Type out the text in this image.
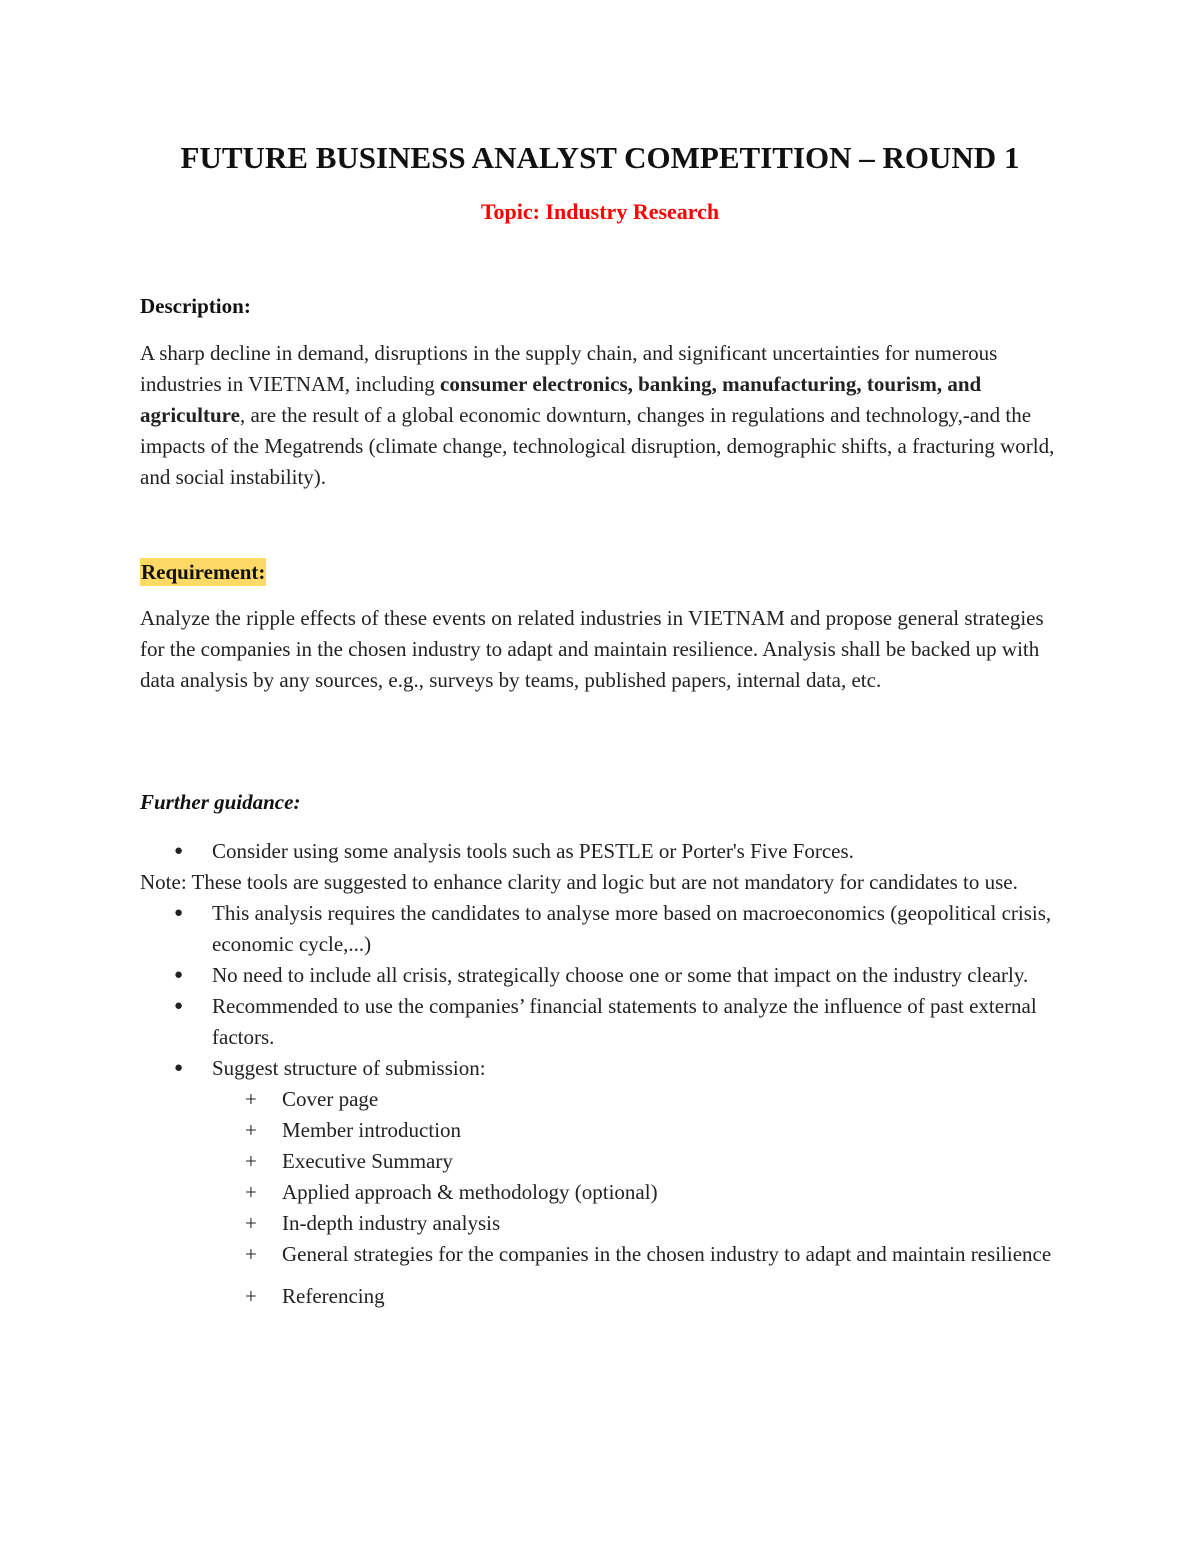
FUTURE BUSINESS ANALYST COMPETITION – ROUND 1
Topic: Industry Research
Description:
A sharp decline in demand, disruptions in the supply chain, and significant uncertainties for numerous industries in VIETNAM, including consumer electronics, banking, manufacturing, tourism, and agriculture, are the result of a global economic downturn, changes in regulations and technology,-and the impacts of the Megatrends (climate change, technological disruption, demographic shifts, a fracturing world, and social instability).
Requirement:
Analyze the ripple effects of these events on related industries in VIETNAM and propose general strategies for the companies in the chosen industry to adapt and maintain resilience. Analysis shall be backed up with data analysis by any sources, e.g., surveys by teams, published papers, internal data, etc.
Further guidance:
● Consider using some analysis tools such as PESTLE or Porter's Five Forces.
Note: These tools are suggested to enhance clarity and logic but are not mandatory for candidates to use.
● This analysis requires the candidates to analyse more based on macroeconomics (geopolitical crisis, economic cycle,...)
● No need to include all crisis, strategically choose one or some that impact on the industry clearly.
● Recommended to use the companies’ financial statements to analyze the influence of past external factors.
● Suggest structure of submission:
+ Cover page
+ Member introduction
+ Executive Summary
+ Applied approach & methodology (optional)
+ In-depth industry analysis
+ General strategies for the companies in the chosen industry to adapt and maintain resilience
+ Referencing
